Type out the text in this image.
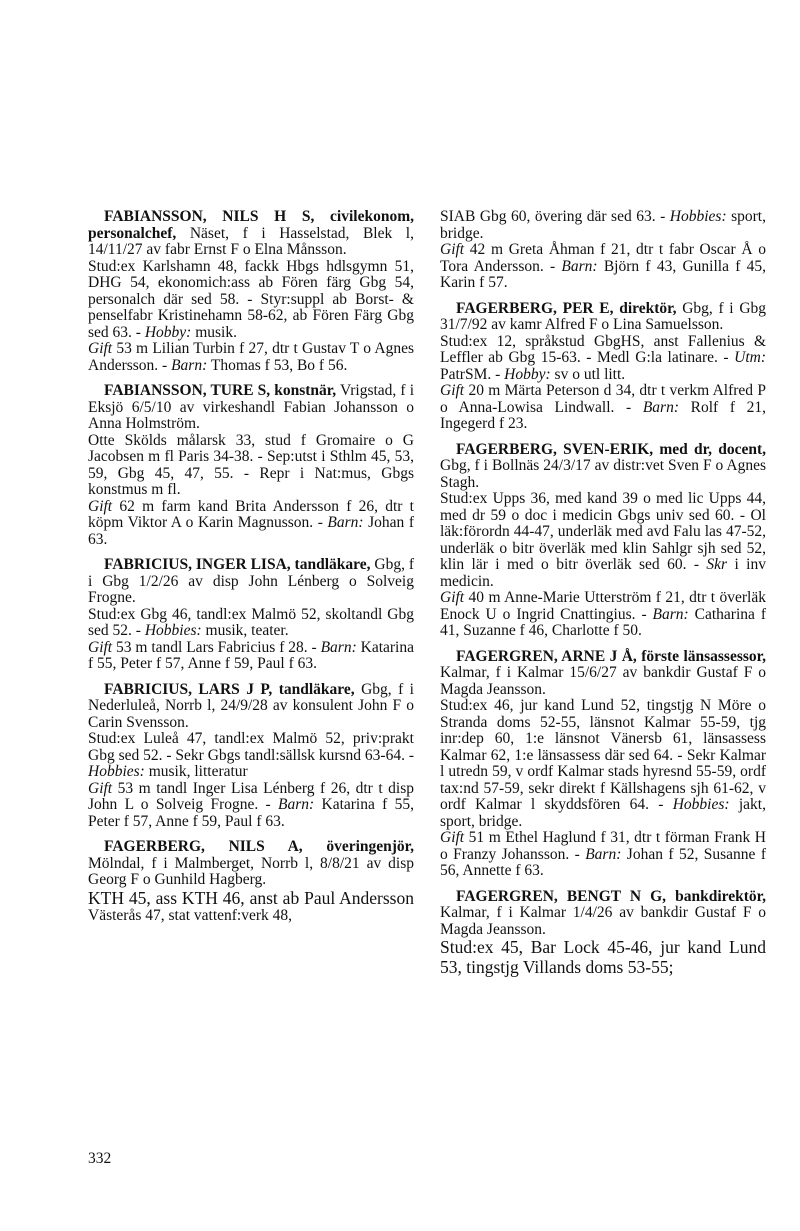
FABIANSSON, NILS H S, civilekonom, personalchef, Näset, f i Hasselstad, Blek l, 14/11/27 av fabr Ernst F o Elna Månsson.

Stud:ex Karlshamn 48, fackk Hbgs hdlsgymn 51, DHG 54, ekonomich:ass ab Fören färg Gbg 54, personalch där sed 58. - Styr:suppl ab Borst- & penselfabr Kristinehamn 58-62, ab Fören Färg Gbg sed 63. - Hobby: musik.

Gift 53 m Lilian Turbin f 27, dtr t Gustav T o Agnes Andersson. - Barn: Thomas f 53, Bo f 56.

FABIANSSON, TURE S, konstnär, Vrigstad, f i Eksjö 6/5/10 av virkeshandl Fabian Johansson o Anna Holmström.

Otte Skölds målarsk 33, stud f Gromaire o G Jacobsen m fl Paris 34-38. - Sep:utst i Sthlm 45, 53, 59, Gbg 45, 47, 55. - Repr i Nat:mus, Gbgs konstmus m fl.

Gift 62 m farm kand Brita Andersson f 26, dtr t köpm Viktor A o Karin Magnusson. - Barn: Johan f 63.

FABRICIUS, INGER LISA, tandläkare, Gbg, f i Gbg 1/2/26 av disp John Lénberg o Solveig Frogne.

Stud:ex Gbg 46, tandl:ex Malmö 52, skoltandl Gbg sed 52. - Hobbies: musik, teater.

Gift 53 m tandl Lars Fabricius f 28. - Barn: Katarina f 55, Peter f 57, Anne f 59, Paul f 63.

FABRICIUS, LARS J P, tandläkare, Gbg, f i Nederluleå, Norrb l, 24/9/28 av konsulent John F o Carin Svensson.

Stud:ex Luleå 47, tandl:ex Malmö 52, priv:prakt Gbg sed 52. - Sekr Gbgs tandl:sällsk kursnd 63-64. - Hobbies: musik, litteratur

Gift 53 m tandl Inger Lisa Lénberg f 26, dtr t disp John L o Solveig Frogne. - Barn: Katarina f 55, Peter f 57, Anne f 59, Paul f 63.

FAGERBERG, NILS A, överingenjör, Mölndal, f i Malmberget, Norrb l, 8/8/21 av disp Georg F o Gunhild Hagberg.

KTH 45, ass KTH 46, anst ab Paul Andersson Västerås 47, stat vattenf:verk 48,

SIAB Gbg 60, övering där sed 63. - Hobbies: sport, bridge.

Gift 42 m Greta Åhman f 21, dtr t fabr Oscar Å o Tora Andersson. - Barn: Björn f 43, Gunilla f 45, Karin f 57.

FAGERBERG, PER E, direktör, Gbg, f i Gbg 31/7/92 av kamr Alfred F o Lina Samuelsson.

Stud:ex 12, språkstud GbgHS, anst Fallenius & Leffler ab Gbg 15-63. - Medl G:la latinare. - Utm: PatrSM. - Hobby: sv o utl litt.

Gift 20 m Märta Peterson d 34, dtr t verkm Alfred P o Anna-Lowisa Lindwall. - Barn: Rolf f 21, Ingegerd f 23.

FAGERBERG, SVEN-ERIK, med dr, docent, Gbg, f i Bollnäs 24/3/17 av distr:vet Sven F o Agnes Stagh.

Stud:ex Upps 36, med kand 39 o med lic Upps 44, med dr 59 o doc i medicin Gbgs univ sed 60. - Ol läk:förordn 44-47, underläk med avd Falu las 47-52, underläk o bitr överläk med klin Sahlgr sjh sed 52, klin lär i med o bitr överläk sed 60. - Skr i inv medicin.

Gift 40 m Anne-Marie Utterström f 21, dtr t överläk Enock U o Ingrid Cnattingius. - Barn: Catharina f 41, Suzanne f 46, Charlotte f 50.

FAGERGREN, ARNE J Å, förste länsassessor, Kalmar, f i Kalmar 15/6/27 av bankdir Gustaf F o Magda Jeansson.

Stud:ex 46, jur kand Lund 52, tingstjg N Möre o Stranda doms 52-55, länsnot Kalmar 55-59, tjg inr:dep 60, 1:e länsnot Vänersb 61, länsassess Kalmar 62, 1:e länsassess där sed 64. - Sekr Kalmar l utredn 59, v ordf Kalmar stads hyresnd 55-59, ordf tax:nd 57-59, sekr direkt f Källshagens sjh 61-62, v ordf Kalmar l skyddsfören 64. - Hobbies: jakt, sport, bridge.

Gift 51 m Ethel Haglund f 31, dtr t förman Frank H o Franzy Johansson. - Barn: Johan f 52, Susanne f 56, Annette f 63.

FAGERGREN, BENGT N G, bankdirektör, Kalmar, f i Kalmar 1/4/26 av bankdir Gustaf F o Magda Jeansson.

Stud:ex 45, Bar Lock 45-46, jur kand Lund 53, tingstjg Villands doms 53-55;

332
